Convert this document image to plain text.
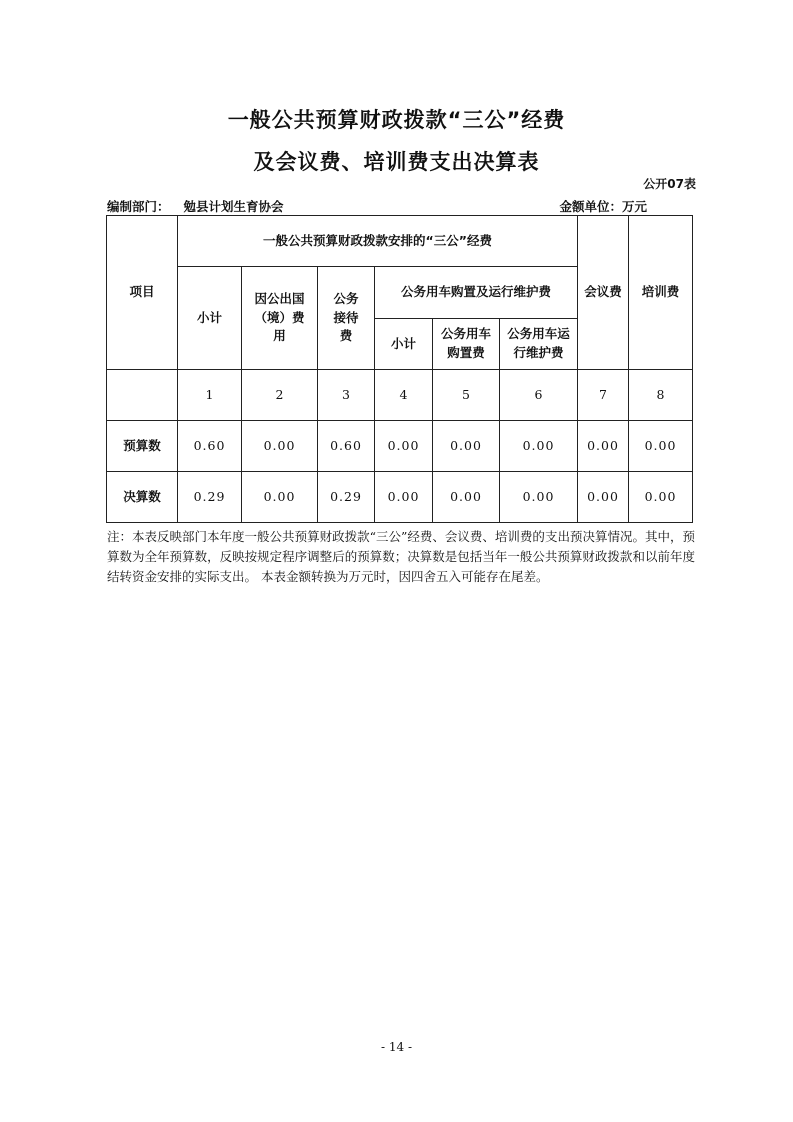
一般公共预算财政拨款“三公”经费
及会议费、培训费支出决算表
公开07表
编制部门： 勉县计划生育协会	金额单位：万元
项目	一般公共预算财政拨款安排的“三公”经费						会议费	培训费
	小计	因公出国（境）费用	公务接待费	公务用车购置及运行维护费				
				小计	公务用车购置费	公务用车运行维护费		

	1	2	3	4	5	6	7	8
预算数	0.60	0.00	0.60	0.00	0.00	0.00	0.00	0.00
决算数	0.29	0.00	0.29	0.00	0.00	0.00	0.00	0.00
注：本表反映部门本年度一般公共预算财政拨款“三公”经费、会议费、培训费的支出预决算情况。其中，预算数为全年预算数，反映按规定程序调整后的预算数；决算数是包括当年一般公共预算财政拨款和以前年度结转资金安排的实际支出。 本表金额转换为万元时，因四舍五入可能存在尾差。
- 14 -
